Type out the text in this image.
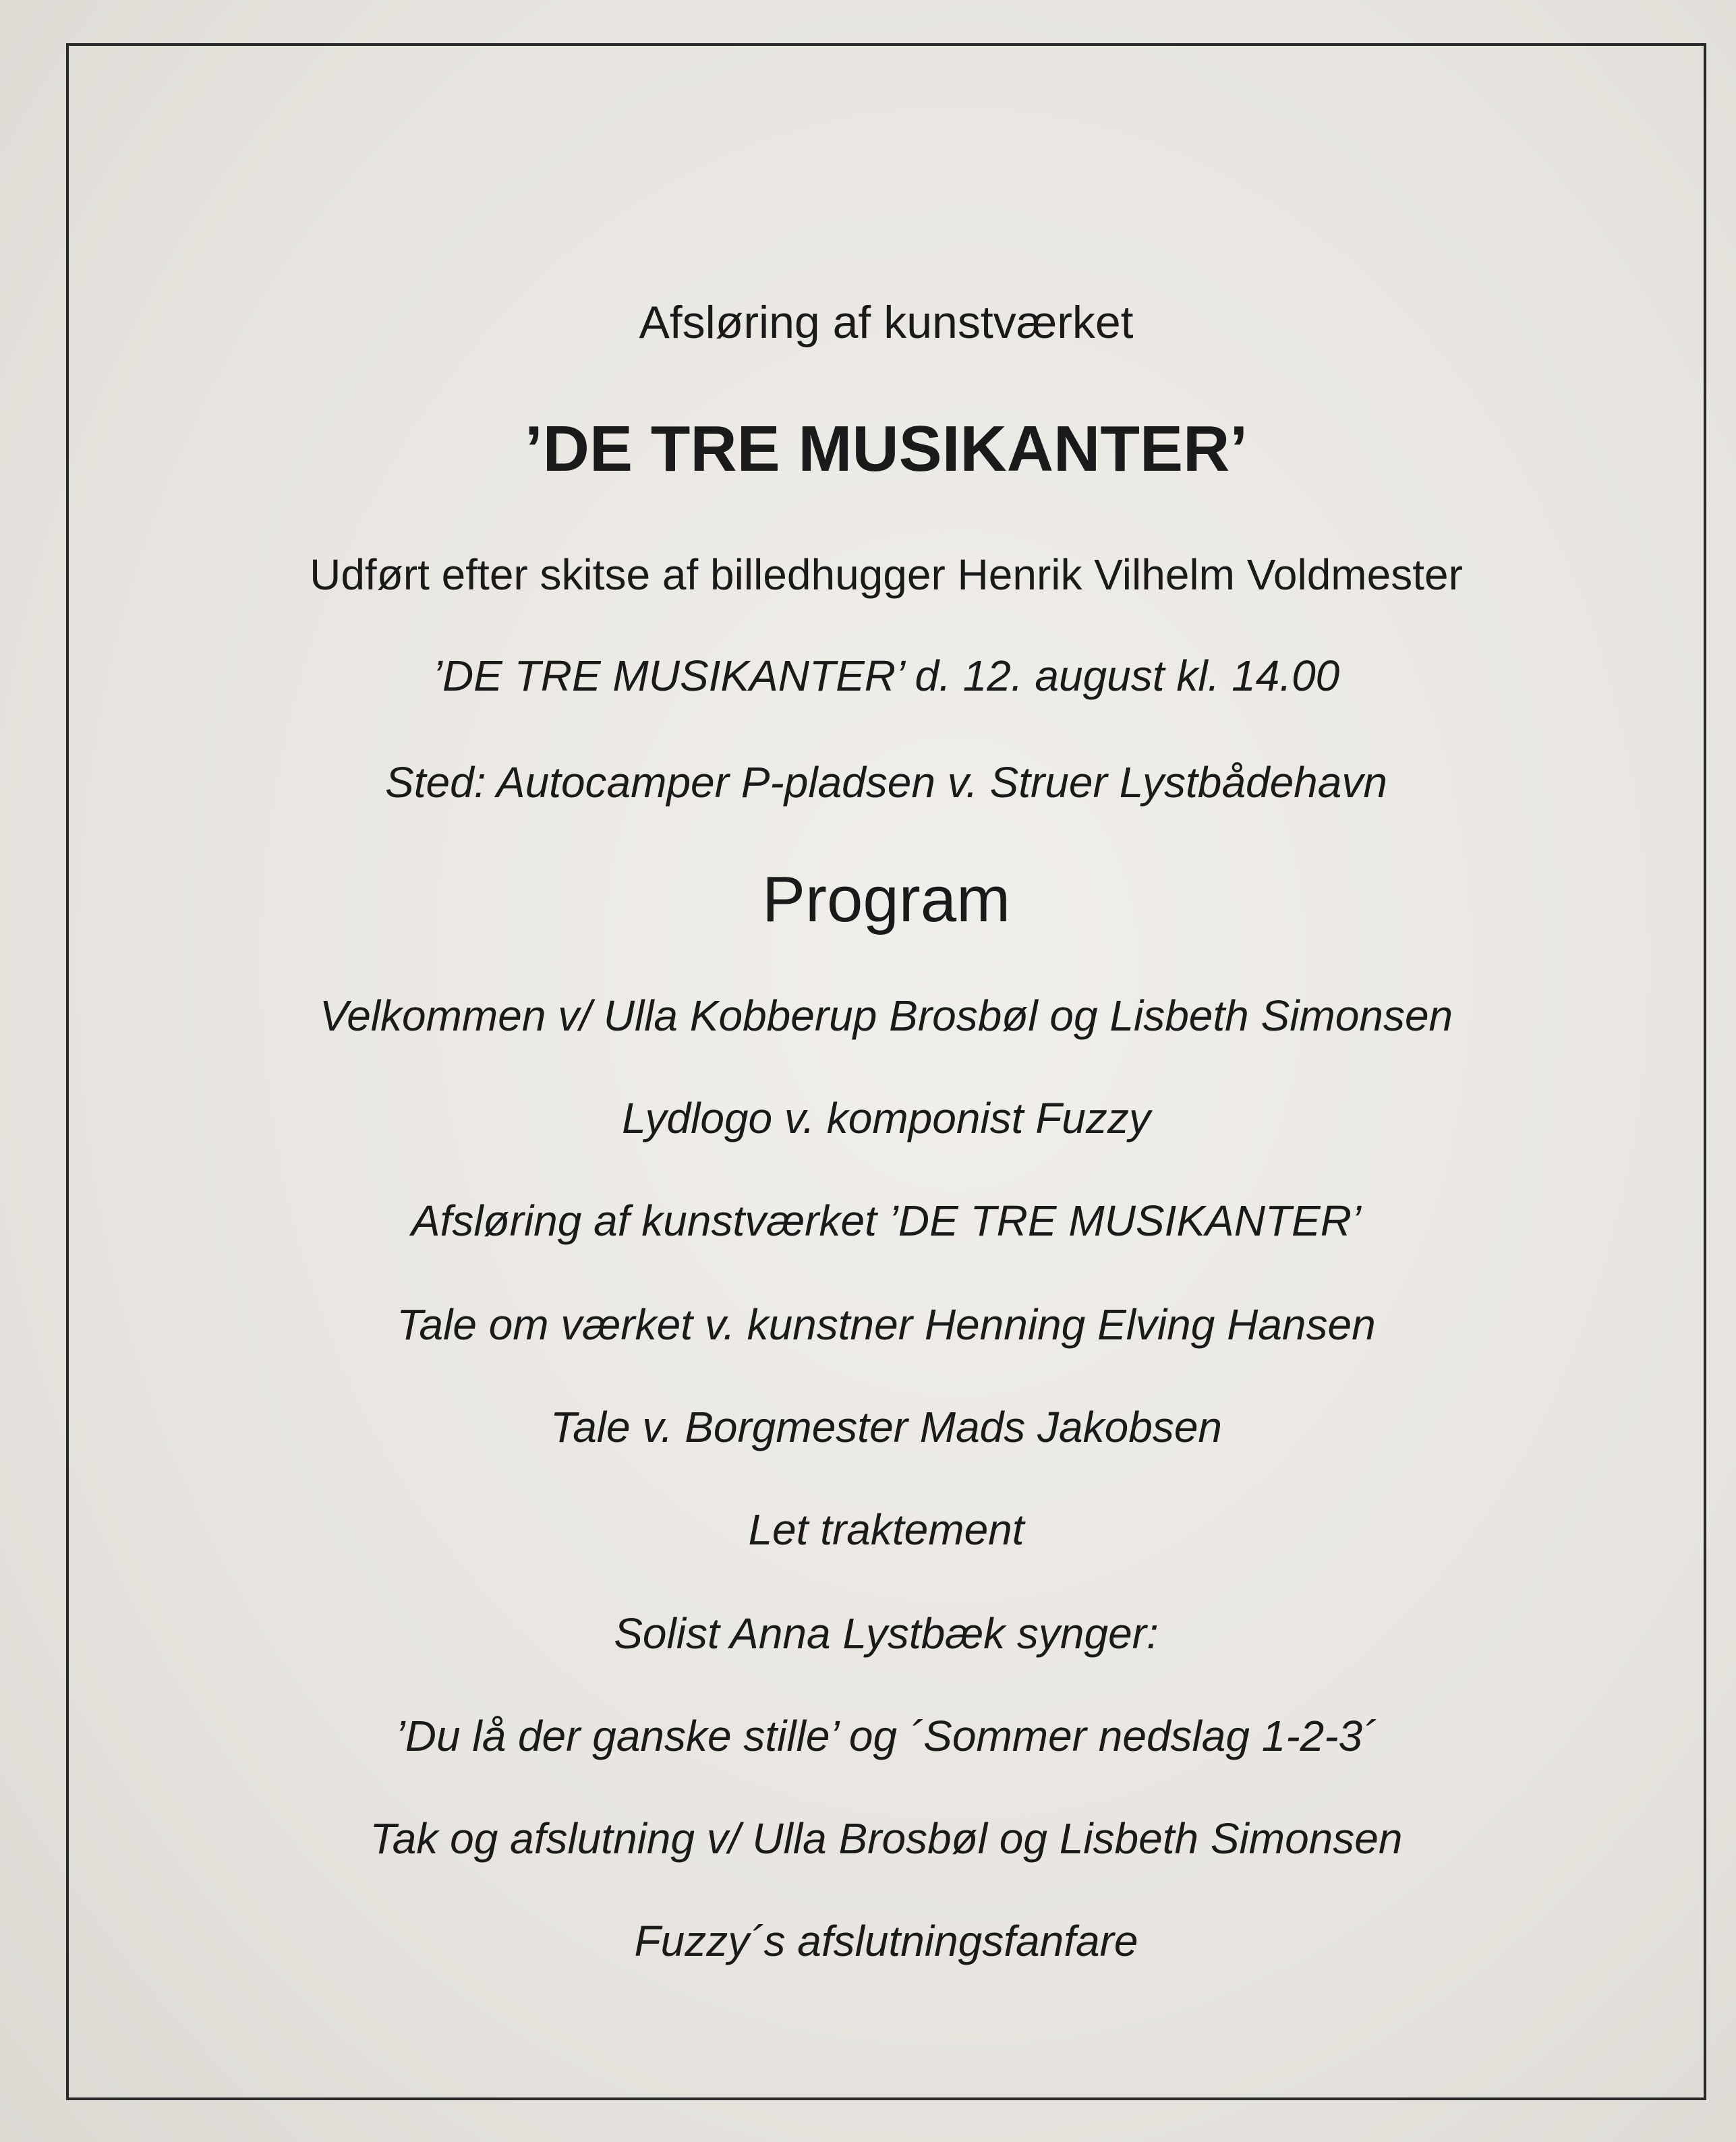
Afsløring af kunstværket
’DE TRE MUSIKANTER’
Udført efter skitse af billedhugger Henrik Vilhelm Voldmester
’DE TRE MUSIKANTER’ d. 12. august kl. 14.00
Sted: Autocamper P-pladsen v. Struer Lystbådehavn
Program
Velkommen v/ Ulla Kobberup Brosbøl og Lisbeth Simonsen
Lydlogo v. komponist Fuzzy
Afsløring af kunstværket ’DE TRE MUSIKANTER’
Tale om værket v. kunstner Henning Elving Hansen
Tale v. Borgmester Mads Jakobsen
Let traktement
Solist Anna Lystbæk synger:
’Du lå der ganske stille’ og ´Sommer nedslag 1-2-3´
Tak og afslutning v/ Ulla Brosbøl og Lisbeth Simonsen
Fuzzy´s afslutningsfanfare
